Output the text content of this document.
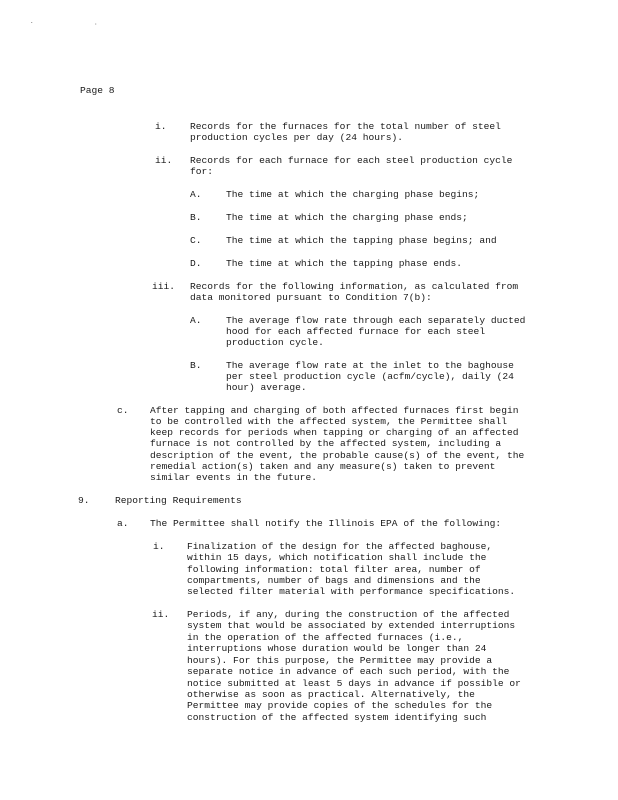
.	·
Page 8
i. Records for the furnaces for the total number of steel
production cycles per day (24 hours).
ii. Records for each furnace for each steel production cycle
for:
A.	The time at which the charging phase begins;
B.	The time at which the charging phase ends;
C.	The time at which the tapping phase begins; and
D.	The time at which the tapping phase ends.
iii. Records for the following information, as calculated from
data monitored pursuant to Condition 7(b):
A.	The average flow rate through each separately ducted
hood for each affected furnace for each steel
production cycle.
B.	The average flow rate at the inlet to the baghouse
per steel production cycle (acfm/cycle), daily (24
hour) average.
c. After tapping and charging of both affected furnaces first begin
to be controlled with the affected system, the Permittee shall
keep records for periods when tapping or charging of an affected
furnace is not controlled by the affected system, including a
description of the event, the probable cause(s) of the event, the
remedial action(s) taken and any measure(s) taken to prevent
similar events in the future.
9.	Reporting Requirements
a. The Permittee shall notify the Illinois EPA of the following:
i. Finalization of the design for the affected baghouse,
within 15 days, which notification shall include the
following information: total filter area, number of
compartments, number of bags and dimensions and the
selected filter material with performance specifications.
ii. Periods, if any, during the construction of the affected
system that would be associated by extended interruptions
in the operation of the affected furnaces (i.e.,
interruptions whose duration would be longer than 24
hours). For this purpose, the Permittee may provide a
separate notice in advance of each such period, with the
notice submitted at least 5 days in advance if possible or
otherwise as soon as practical. Alternatively, the
Permittee may provide copies of the schedules for the
construction of the affected system identifying such
